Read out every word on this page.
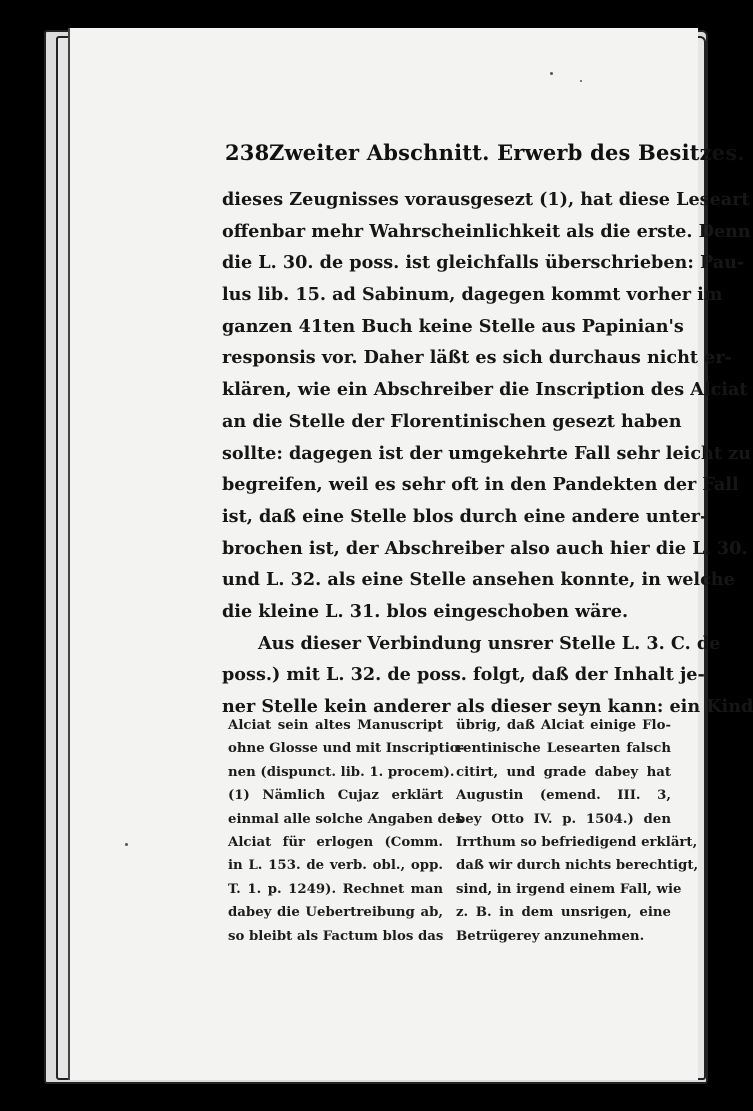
238 Zweiter Abschnitt. Erwerb des Besitzes.
dieses Zeugnisses vorausgesezt (1), hat diese Leseart
offenbar mehr Wahrscheinlichkeit als die erste. Denn
die L. 30. de poss. ist gleichfalls überschrieben: Pau-
lus lib. 15. ad Sabinum, dagegen kommt vorher im
ganzen 41ten Buch keine Stelle aus Papinian's
responsis vor. Daher läßt es sich durchaus nicht er-
klären, wie ein Abschreiber die Inscription des Alciat
an die Stelle der Florentinischen gesezt haben
sollte: dagegen ist der umgekehrte Fall sehr leicht zu
begreifen, weil es sehr oft in den Pandekten der Fall
ist, daß eine Stelle blos durch eine andere unter-
brochen ist, der Abschreiber also auch hier die L. 30.
und L. 32. als eine Stelle ansehen konnte, in welche
die kleine L. 31. blos eingeschoben wäre.
Aus dieser Verbindung unsrer Stelle L. 3. C. de
poss.) mit L. 32. de poss. folgt, daß der Inhalt je-
ner Stelle kein anderer als dieser seyn kann: ein Kind
Alciat sein altes Manuscript
ohne Glosse und mit Inscriptio-
nen (dispunct. lib. 1. procem).
(1) Nämlich Cujaz erklärt
einmal alle solche Angaben des
Alciat für erlogen (Comm.
in L. 153. de verb. obl., opp.
T. 1. p. 1249). Rechnet man
dabey die Uebertreibung ab,
so bleibt als Factum blos das
übrig, daß Alciat einige Flo-
rentinische Lesearten falsch
citirt, und grade dabey hat
Augustin (emend. III. 3,
bey Otto IV. p. 1504.) den
Irrthum so befriedigend erklärt,
daß wir durch nichts berechtigt,
sind, in irgend einem Fall, wie
z. B. in dem unsrigen, eine
Betrügerey anzunehmen.
